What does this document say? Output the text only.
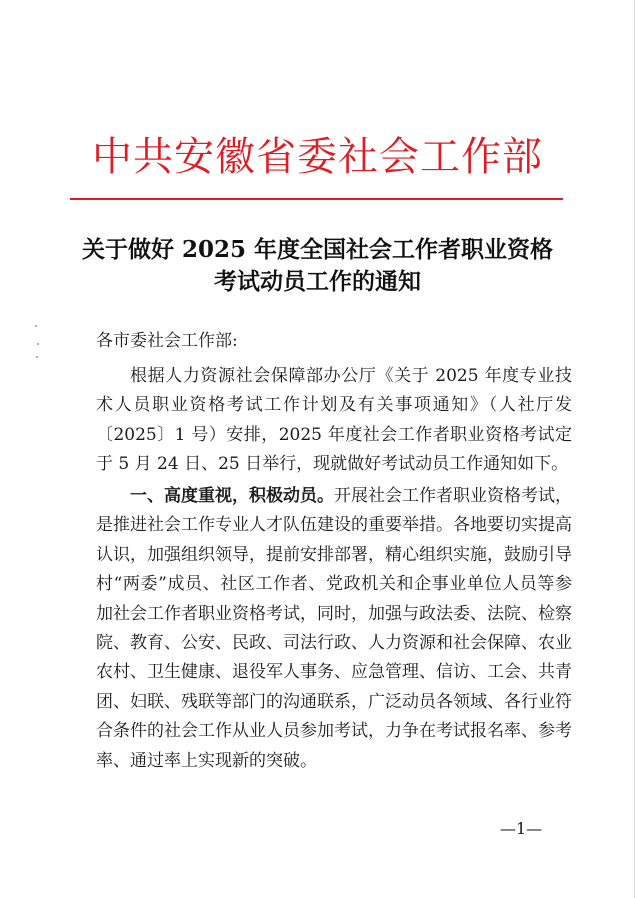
中共安徽省委社会工作部
关于做好 2025 年度全国社会工作者职业资格
考试动员工作的通知
各市委社会工作部:
根据人力资源社会保障部办公厅《关于 2025 年度专业技术人员职业资格考试工作计划及有关事项通知》（人社厅发〔2025〕1 号）安排，2025 年度社会工作者职业资格考试定于 5 月 24 日、25 日举行，现就做好考试动员工作通知如下。
一、高度重视，积极动员。开展社会工作者职业资格考试，是推进社会工作专业人才队伍建设的重要举措。各地要切实提高认识，加强组织领导，提前安排部署，精心组织实施，鼓励引导村“两委”成员、社区工作者、党政机关和企事业单位人员等参加社会工作者职业资格考试，同时，加强与政法委、法院、检察院、教育、公安、民政、司法行政、人力资源和社会保障、农业农村、卫生健康、退役军人事务、应急管理、信访、工会、共青团、妇联、残联等部门的沟通联系，广泛动员各领域、各行业符合条件的社会工作从业人员参加考试，力争在考试报名率、参考率、通过率上实现新的突破。
—1—
